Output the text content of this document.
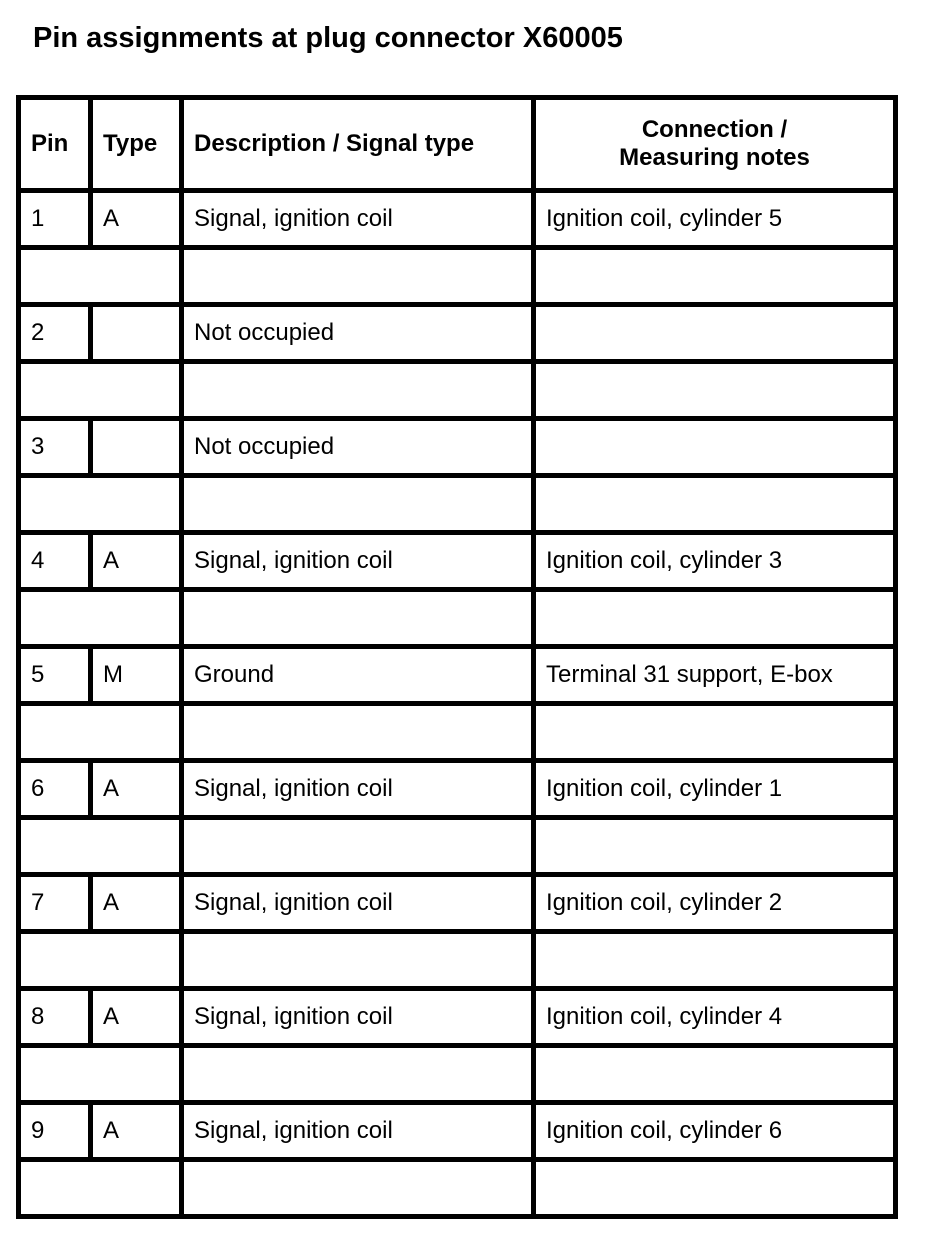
Pin assignments at plug connector X60005
Pin	Type	Description / Signal type	Connection /
Measuring notes
1	A	Signal, ignition coil	Ignition coil, cylinder 5

2		Not occupied	

3		Not occupied	

4	A	Signal, ignition coil	Ignition coil, cylinder 3

5	M	Ground	Terminal 31 support, E-box

6	A	Signal, ignition coil	Ignition coil, cylinder 1

7	A	Signal, ignition coil	Ignition coil, cylinder 2

8	A	Signal, ignition coil	Ignition coil, cylinder 4

9	A	Signal, ignition coil	Ignition coil, cylinder 6
